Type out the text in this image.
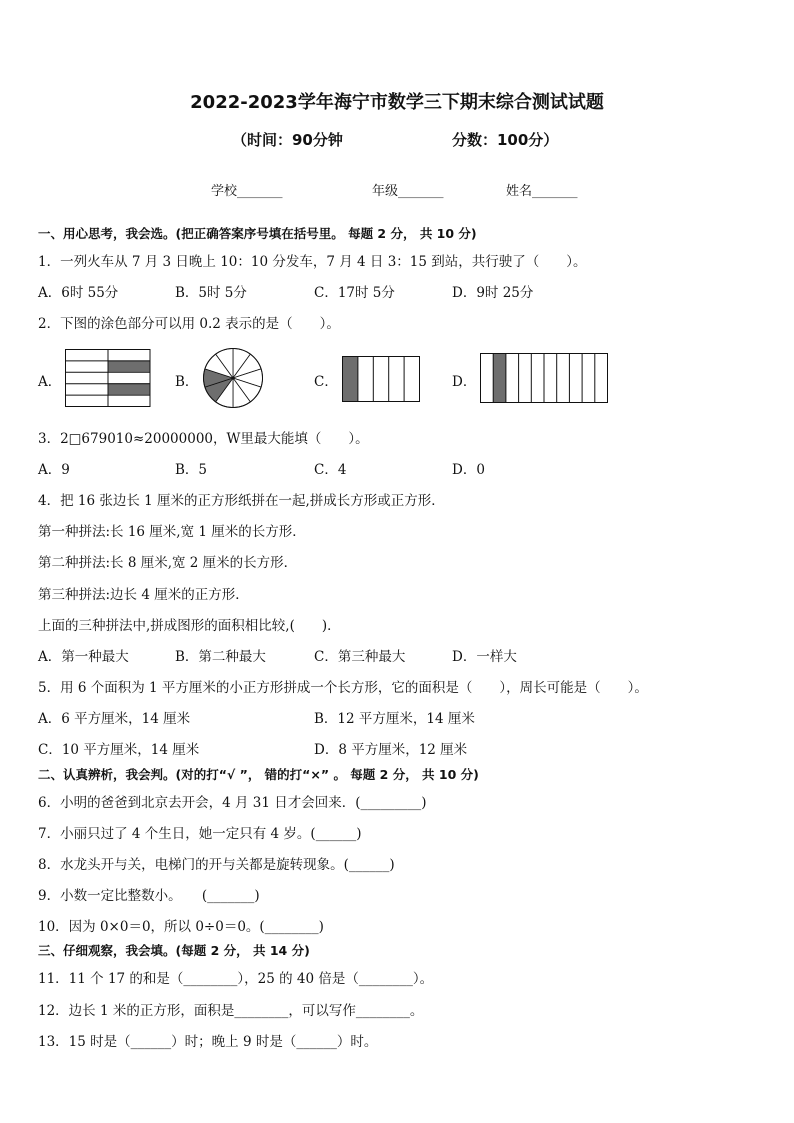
2022-2023学年海宁市数学三下期末综合测试试题
（时间：90分钟	分数：100分）
学校_______	年级_______	姓名_______
一、用心思考，我会选。(把正确答案序号填在括号里。 每题 2 分， 共 10 分)
1．一列火车从 7 月 3 日晚上 10：10 分发车，7 月 4 日 3：15 到站，共行驶了（　　）。
A．6时 55分	B．5时 5分	C．17时 5分	D．9时 25分
2．下图的涂色部分可以用 0.2 表示的是（　　）。
A．	B．	C．	D．
3．2□679010≈20000000，W里最大能填（　　）。
A．9	B．5	C．4	D．0
4．把 16 张边长 1 厘米的正方形纸拼在一起,拼成长方形或正方形．
第一种拼法:长 16 厘米,宽 1 厘米的长方形．
第二种拼法:长 8 厘米,宽 2 厘米的长方形．
第三种拼法:边长 4 厘米的正方形．
上面的三种拼法中,拼成图形的面积相比较,(　　)．
A．第一种最大	B．第二种最大	C．第三种最大	D．一样大
5．用 6 个面积为 1 平方厘米的小正方形拼成一个长方形，它的面积是（　　），周长可能是（　　）。
A．6 平方厘米，14 厘米	B．12 平方厘米，14 厘米
C．10 平方厘米，14 厘米	D．8 平方厘米，12 厘米
二、认真辨析，我会判。(对的打“√ ”， 错的打“×” 。 每题 2 分， 共 10 分)
6．小明的爸爸到北京去开会，4 月 31 日才会回来．(_________)
7．小丽只过了 4 个生日，她一定只有 4 岁。(______)
8．水龙头开与关，电梯门的开与关都是旋转现象。(______)
9．小数一定比整数小。　　(_______)
10．因为 0×0＝0，所以 0÷0＝0。(________)
三、仔细观察，我会填。(每题 2 分， 共 14 分)
11．11 个 17 的和是（________），25 的 40 倍是（________）。
12．边长 1 米的正方形，面积是________，可以写作________。
13．15 时是（______）时；晚上 9 时是（______）时。
